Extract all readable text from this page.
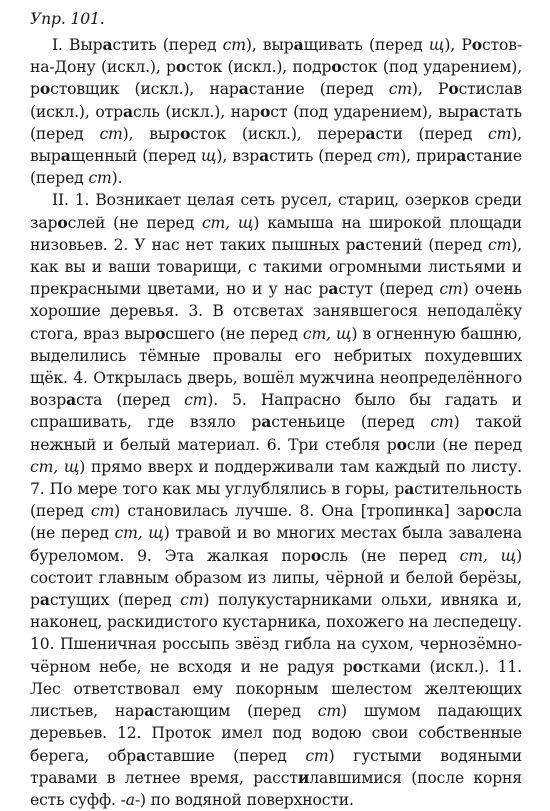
Упр. 101.

I. Вырастить (перед ст), выращивать (перед щ), Ростов-на-Дону (искл.), росток (искл.), подросток (под ударением), ростовщик (искл.), нарастание (перед ст), Ростислав (искл.), отрасль (искл.), нарост (под ударением), вырастать (перед ст), выросток (искл.), перерасти (перед ст), выращенный (перед щ), взрастить (перед ст), прирастание (перед ст).

II. 1. Возникает целая сеть русел, стариц, озерков среди зарослей (не перед ст, щ) камыша на широкой площади низовьев. 2. У нас нет таких пышных растений (перед ст), как вы и ваши товарищи, с такими огромными листьями и прекрасными цветами, но и у нас растут (перед ст) очень хорошие деревья. 3. В отсветах занявшегося неподалёку стога, враз выросшего (не перед ст, щ) в огненную башню, выделились тёмные провалы его небритых похудевших щёк. 4. Открылась дверь, вошёл мужчина неопределённого возраста (перед ст). 5. Напрасно было бы гадать и спрашивать, где взяло растеньице (перед ст) такой нежный и белый материал. 6. Три стебля росли (не перед ст, щ) прямо вверх и поддерживали там каждый по листу. 7. По мере того как мы углублялись в горы, растительность (перед ст) становилась лучше. 8. Она [тропинка] заросла (не перед ст, щ) травой и во многих местах была завалена буреломом. 9. Эта жалкая поросль (не перед ст, щ) состоит главным образом из липы, чёрной и белой берёзы, растущих (перед ст) полукустарниками ольхи, ивняка и, наконец, раскидистого кустарника, похожего на леспедецу. 10. Пшеничная россыпь звёзд гибла на сухом, чернозёмно-чёрном небе, не всходя и не радуя ростками (искл.). 11. Лес ответствовал ему покорным шелестом желтеющих листьев, нарастающим (перед ст) шумом падающих деревьев. 12. Проток имел под водою свои собственные берега, обраставшие (перед ст) густыми водяными травами в летнее время, расстилавшимися (после корня есть суфф. -а-) по водяной поверхности.
